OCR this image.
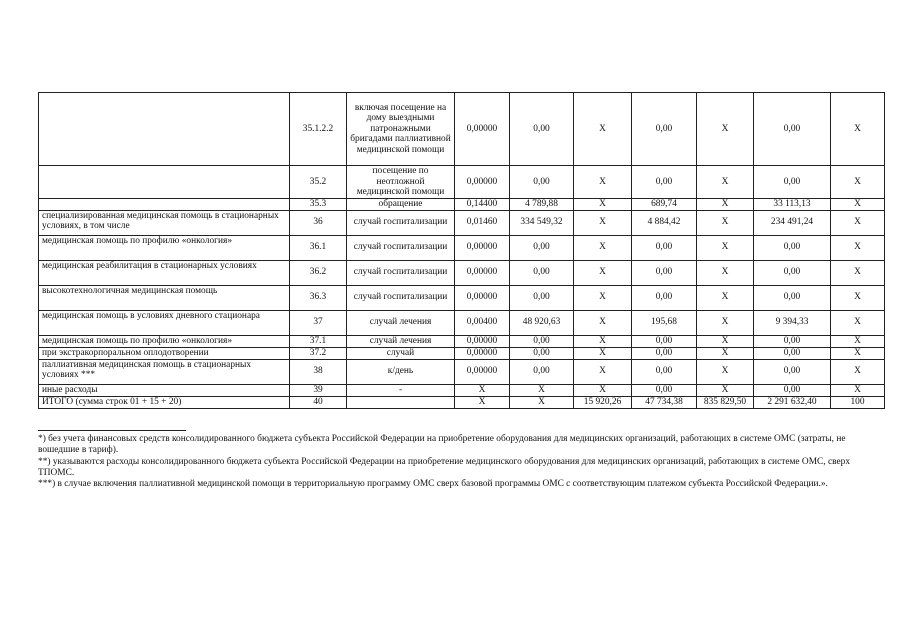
	35.1.2.2	включая посещение на дому выездными патронажными бригадами паллиативной медицинской помощи	0,00000	0,00	Х	0,00	Х	0,00	Х
	35.2	посещение по неотложной медицинской помощи	0,00000	0,00	Х	0,00	Х	0,00	Х
	35.3	обращение	0,14400	4 789,88	Х	689,74	Х	33 113,13	Х
специализированная медицинская помощь в стационарных условиях, в том числе	36	случай госпитализации	0,01460	334 549,32	Х	4 884,42	Х	234 491,24	Х
медицинская помощь по профилю «онкология»	36.1	случай госпитализации	0,00000	0,00	Х	0,00	Х	0,00	Х
медицинская реабилитация в стационарных условиях	36.2	случай госпитализации	0,00000	0,00	Х	0,00	Х	0,00	Х
высокотехнологичная медицинская помощь	36.3	случай госпитализации	0,00000	0,00	Х	0,00	Х	0,00	Х
медицинская помощь в условиях дневного стационара	37	случай лечения	0,00400	48 920,63	Х	195,68	Х	9 394,33	Х
медицинская помощь по профилю «онкология»	37.1	случай лечения	0,00000	0,00	Х	0,00	Х	0,00	Х
при экстракорпоральном оплодотворении	37.2	случай	0,00000	0,00	Х	0,00	Х	0,00	Х
паллиативная медицинская помощь в стационарных условиях ***	38	к/день	0,00000	0,00	Х	0,00	Х	0,00	Х
иные расходы	39	-	Х	Х	Х	0,00	Х	0,00	Х
ИТОГО (сумма строк 01 + 15 + 20)	40		Х	Х	15 920,26	47 734,38	835 829,50	2 291 632,40	100

*) без учета финансовых средств консолидированного бюджета субъекта Российской Федерации на приобретение оборудования для медицинских организаций, работающих в системе ОМС (затраты, не вошедшие в тариф).

**) указываются расходы консолидированного бюджета субъекта Российской Федерации на приобретение медицинского оборудования для медицинских организаций, работающих в системе ОМС, сверх ТПОМС.

***) в случае включения паллиативной медицинской помощи в территориальную программу ОМС сверх базовой программы ОМС с соответствующим платежом субъекта Российской Федерации.».
